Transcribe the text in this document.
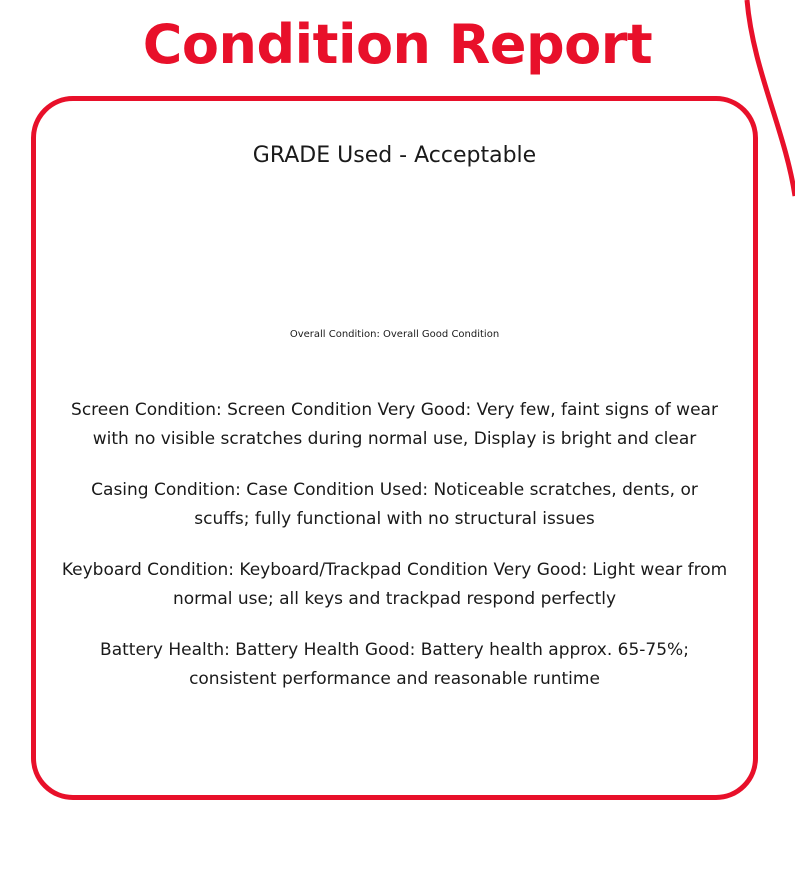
Condition Report
GRADE Used - Acceptable
Overall Condition: Overall Good Condition
Screen Condition: Screen Condition Very Good: Very few, faint signs of wear with no visible scratches during normal use, Display is bright and clear
Casing Condition: Case Condition Used: Noticeable scratches, dents, or scuffs; fully functional with no structural issues
Keyboard Condition: Keyboard/Trackpad Condition Very Good: Light wear from normal use; all keys and trackpad respond perfectly
Battery Health: Battery Health Good: Battery health approx. 65-75%; consistent performance and reasonable runtime
